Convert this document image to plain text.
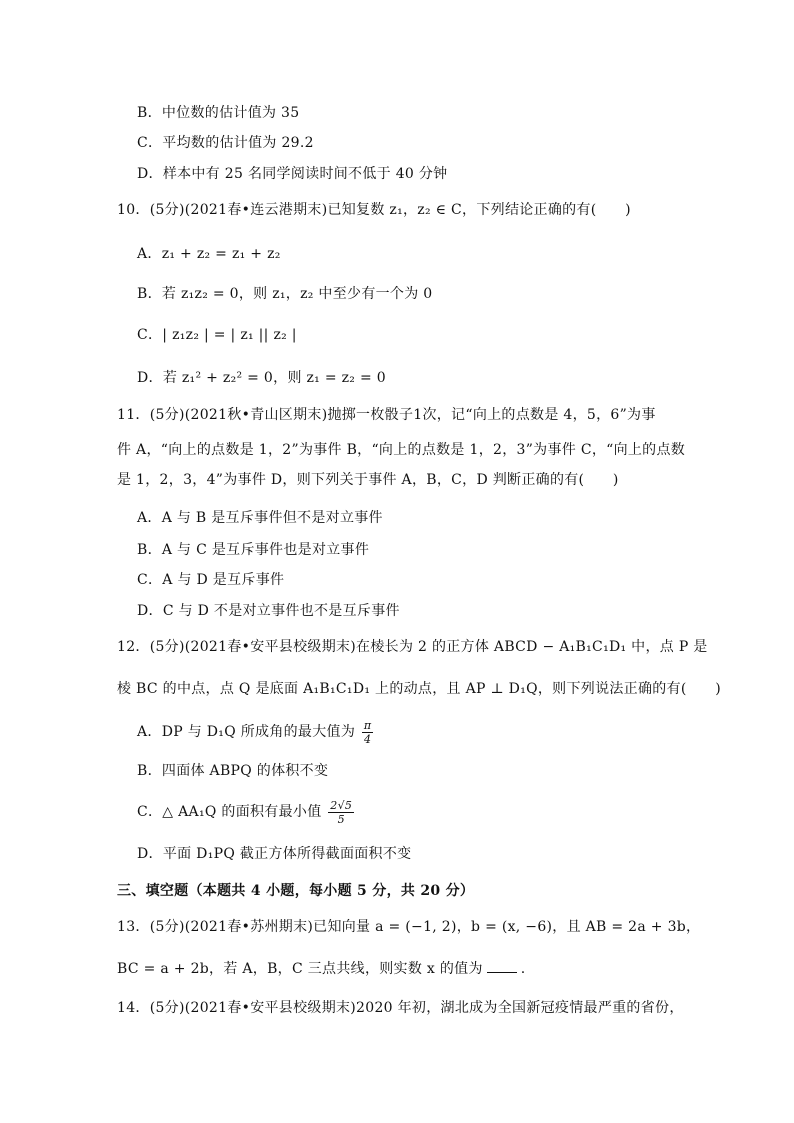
B．中位数的估计值为 35
C．平均数的估计值为 29.2
D．样本中有 25 名同学阅读时间不低于 40 分钟
10．(5分)(2021春•连云港期末)已知复数 z₁，z₂ ∈ C，下列结论正确的有(　　)
A．z₁ + z₂ = z₁ + z₂
B．若 z₁z₂ = 0，则 z₁，z₂ 中至少有一个为 0
C．| z₁z₂ | = | z₁ || z₂ |
D．若 z₁² + z₂² = 0，则 z₁ = z₂ = 0
11．(5分)(2021秋•青山区期末)抛掷一枚骰子1次，记“向上的点数是 4，5，6”为事
件 A，“向上的点数是 1，2”为事件 B，“向上的点数是 1，2，3”为事件 C，“向上的点数
是 1，2，3，4”为事件 D，则下列关于事件 A，B，C，D 判断正确的有(　　)
A．A 与 B 是互斥事件但不是对立事件
B．A 与 C 是互斥事件也是对立事件
C．A 与 D 是互斥事件
D．C 与 D 不是对立事件也不是互斥事件
12．(5分)(2021春•安平县校级期末)在棱长为 2 的正方体 ABCD − A₁B₁C₁D₁ 中，点 P 是
棱 BC 的中点，点 Q 是底面 A₁B₁C₁D₁ 上的动点，且 AP ⊥ D₁Q，则下列说法正确的有(　　)
A．DP 与 D₁Q 所成角的最大值为 $\frac{\pi}{4}$
B．四面体 ABPQ 的体积不变
C．△ AA₁Q 的面积有最小值 $\frac{2√5}{5}$
D．平面 D₁PQ 截正方体所得截面面积不变
三、填空题（本题共 4 小题，每小题 5 分，共 20 分）
13．(5分)(2021春•苏州期末)已知向量 a = (−1, 2)，b = (x, −6)，且 AB = 2a + 3b，
BC = a + 2b，若 A，B，C 三点共线，则实数 x 的值为	.
14．(5分)(2021春•安平县校级期末)2020 年初，湖北成为全国新冠疫情最严重的省份，
